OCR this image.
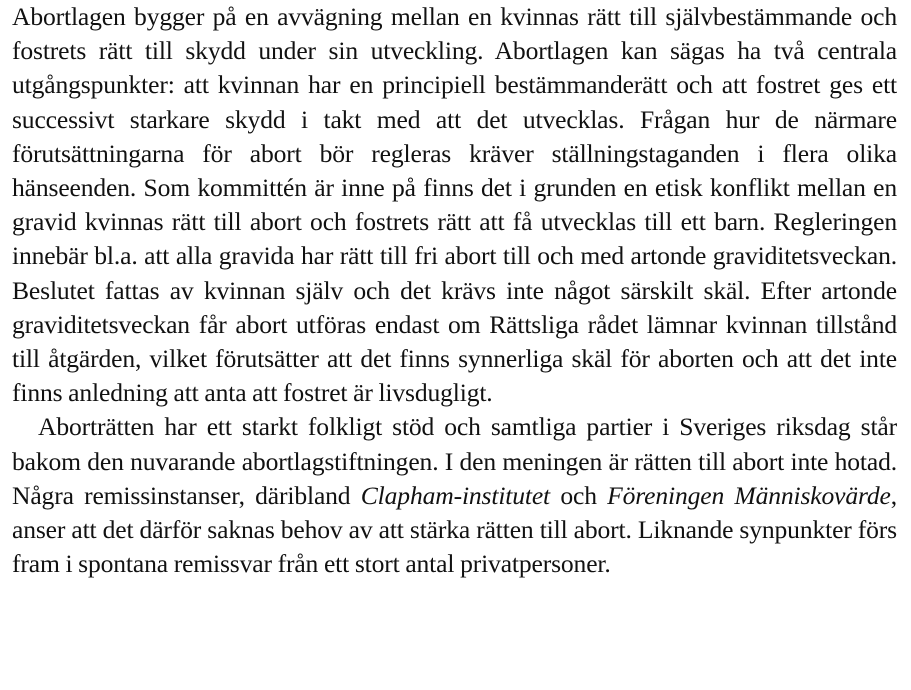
Abortlagen bygger på en avvägning mellan en kvinnas rätt till självbestämmande och fostrets rätt till skydd under sin utveckling. Abortlagen kan sägas ha två centrala utgångspunkter: att kvinnan har en principiell bestämmanderätt och att fostret ges ett successivt starkare skydd i takt med att det utvecklas. Frågan hur de närmare förutsättningarna för abort bör regleras kräver ställningstaganden i flera olika hänseenden. Som kommittén är inne på finns det i grunden en etisk konflikt mellan en gravid kvinnas rätt till abort och fostrets rätt att få utvecklas till ett barn. Regleringen innebär bl.a. att alla gravida har rätt till fri abort till och med artonde graviditetsveckan. Beslutet fattas av kvinnan själv och det krävs inte något särskilt skäl. Efter artonde graviditetsveckan får abort utföras endast om Rättsliga rådet lämnar kvinnan tillstånd till åtgärden, vilket förutsätter att det finns synnerliga skäl för aborten och att det inte finns anledning att anta att fostret är livsdugligt.

Aborträtten har ett starkt folkligt stöd och samtliga partier i Sveriges riksdag står bakom den nuvarande abortlagstiftningen. I den meningen är rätten till abort inte hotad. Några remissinstanser, däribland Clapham-institutet och Föreningen Människovärde, anser att det därför saknas behov av att stärka rätten till abort. Liknande synpunkter förs fram i spontana remissvar från ett stort antal privatpersoner.
